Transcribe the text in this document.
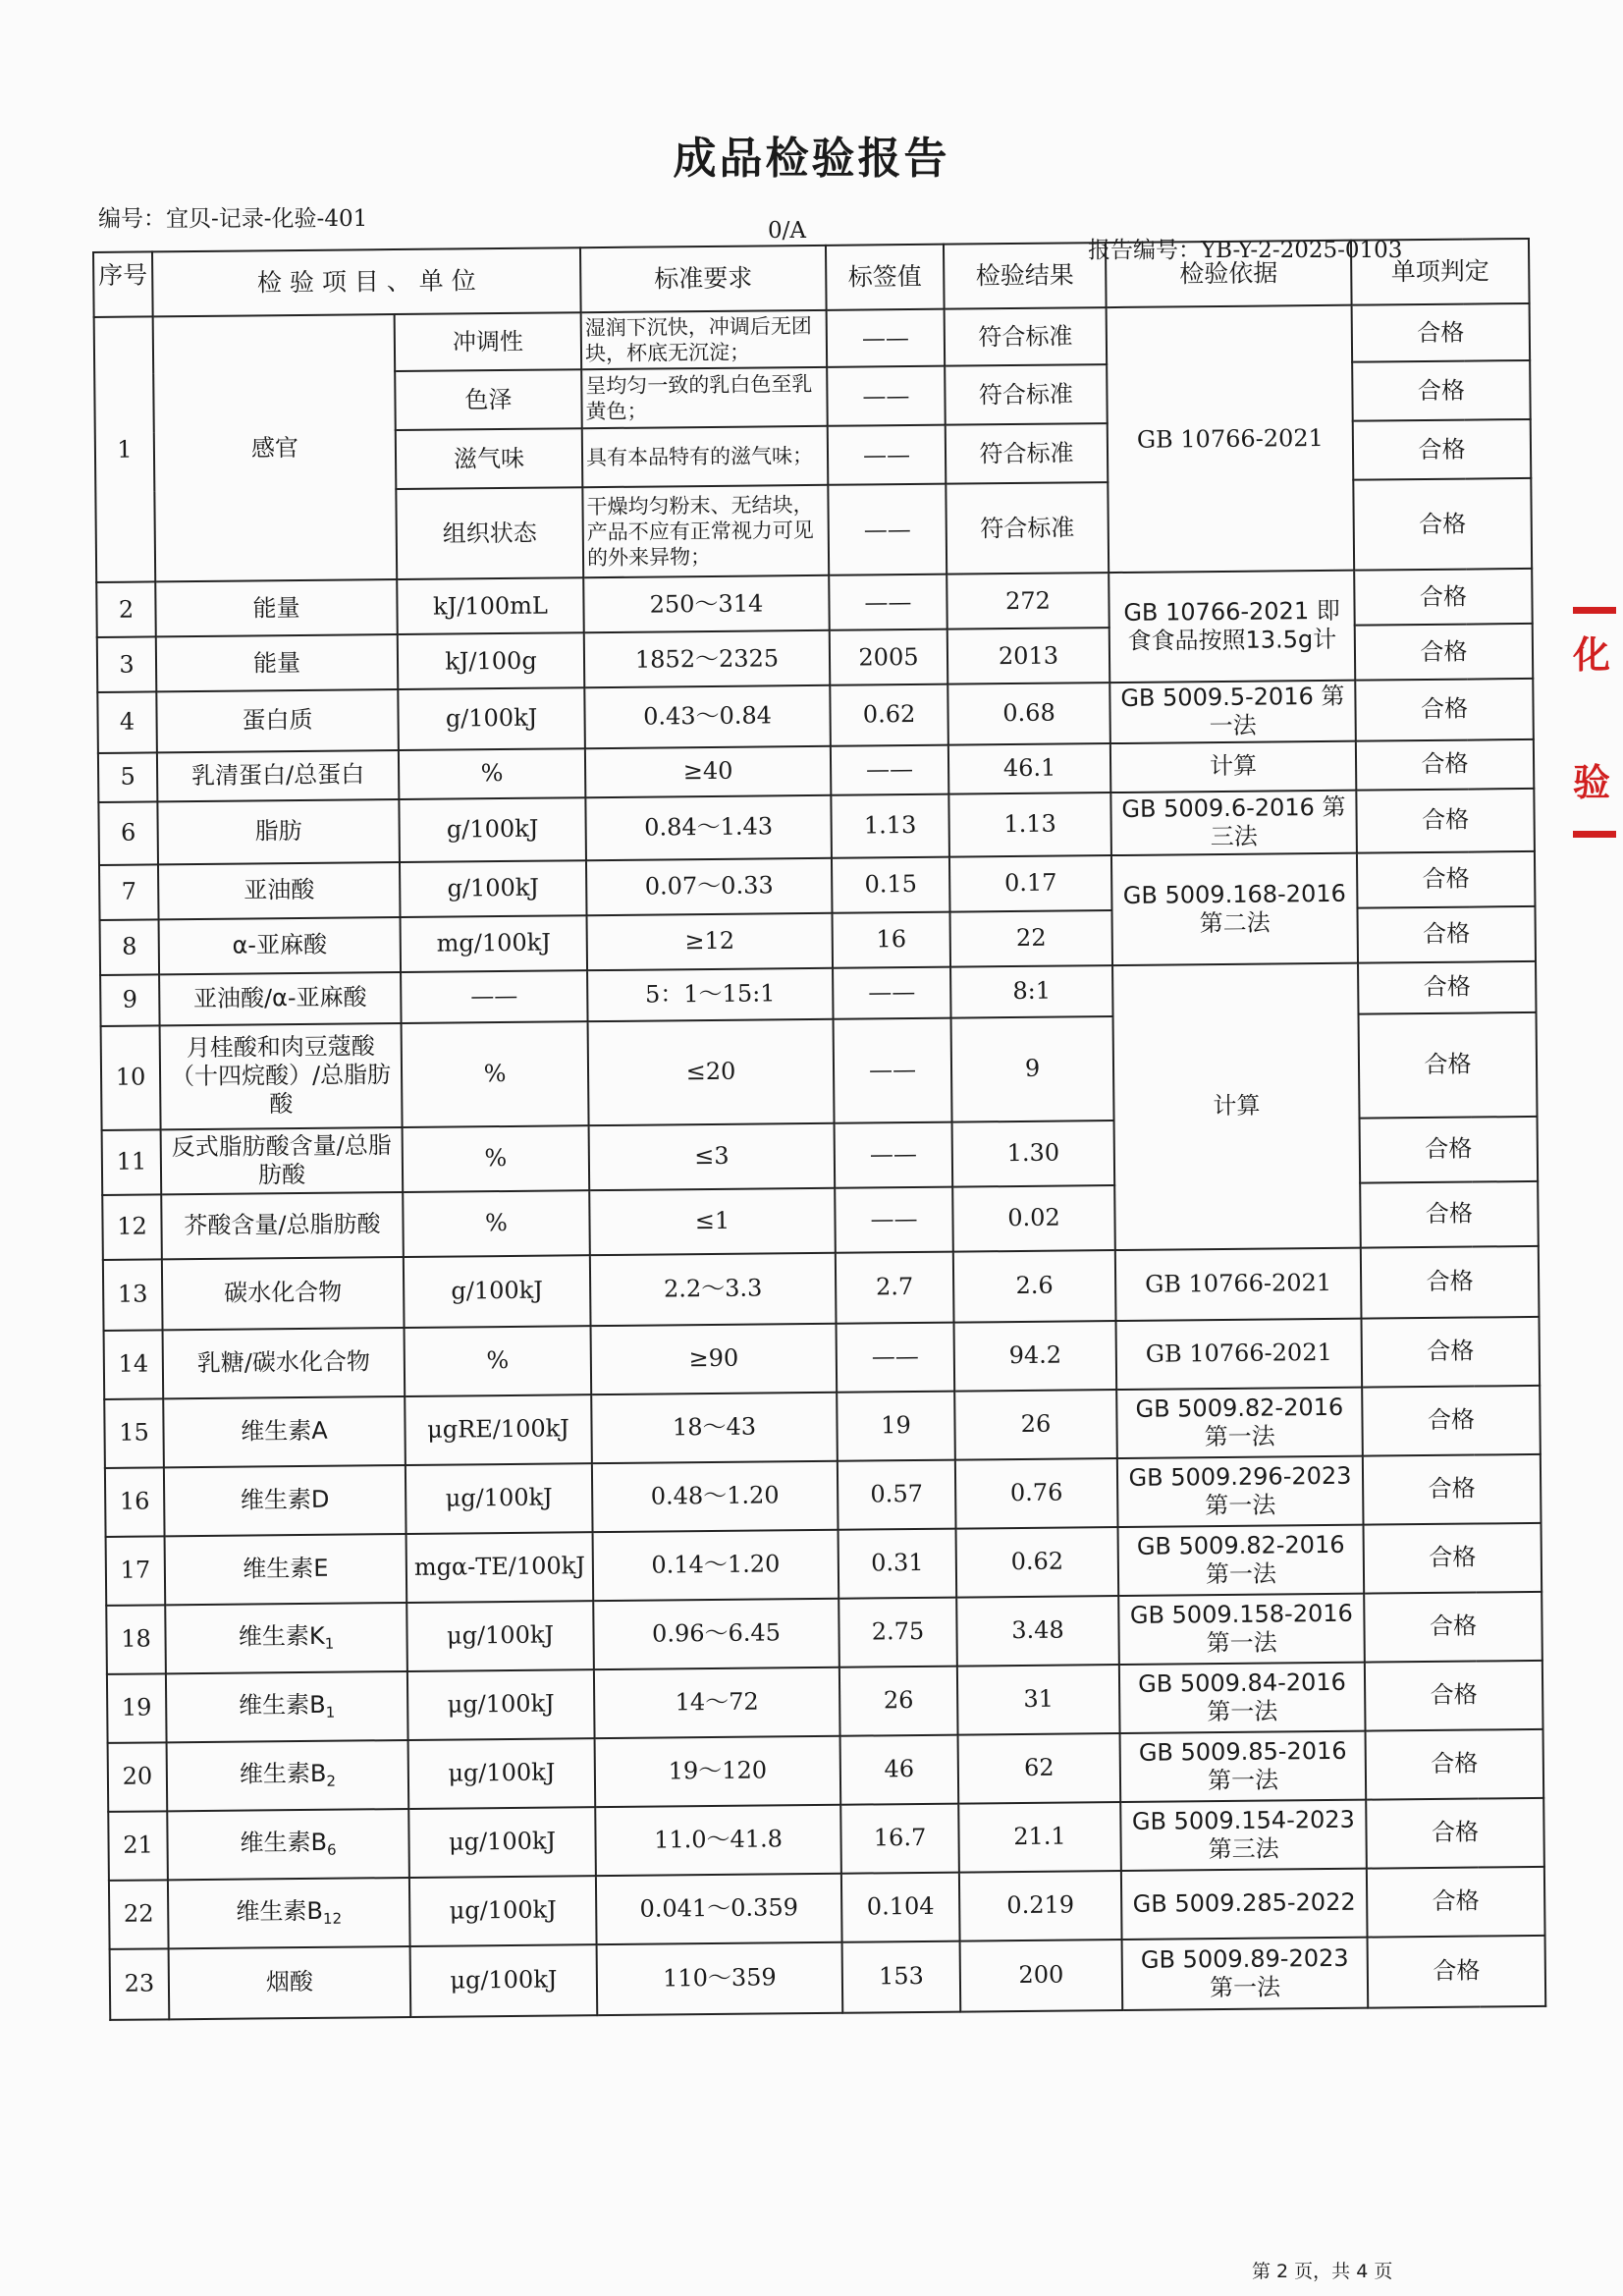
成品检验报告
编号：宜贝-记录-化验-401	0/A
报告编号：YB-Y-2-2025-0103
序号	检 验 项 目 、 单 位		标准要求	标签值	检验结果	检验依据	单项判定
1	感官	冲调性	湿润下沉快，冲调后无团块，杯底无沉淀；	——	符合标准	GB 10766-2021	合格
		色泽	呈均匀一致的乳白色至乳黄色；	——	符合标准		合格
		滋气味	具有本品特有的滋气味；	——	符合标准		合格
		组织状态	干燥均匀粉末、无结块，产品不应有正常视力可见的外来异物；	——	符合标准		合格
2	能量	kJ/100mL	250～314	——	272	GB 10766-2021 即食食品按照13.5g计	合格
3	能量	kJ/100g	1852～2325	2005	2013		合格
4	蛋白质	g/100kJ	0.43～0.84	0.62	0.68	GB 5009.5-2016 第一法	合格
5	乳清蛋白/总蛋白	%	≥40	——	46.1	计算	合格
6	脂肪	g/100kJ	0.84～1.43	1.13	1.13	GB 5009.6-2016 第三法	合格
7	亚油酸	g/100kJ	0.07～0.33	0.15	0.17	GB 5009.168-2016 第二法	合格
8	α-亚麻酸	mg/100kJ	≥12	16	22		合格
9	亚油酸/α-亚麻酸	——	5：1～15:1	——	8:1	计算	合格
10	月桂酸和肉豆蔻酸（十四烷酸）/总脂肪酸	%	≤20	——	9		合格
11	反式脂肪酸含量/总脂肪酸	%	≤3	——	1.30		合格
12	芥酸含量/总脂肪酸	%	≤1	——	0.02		合格
13	碳水化合物	g/100kJ	2.2～3.3	2.7	2.6	GB 10766-2021	合格
14	乳糖/碳水化合物	%	≥90	——	94.2	GB 10766-2021	合格
15	维生素A	μgRE/100kJ	18～43	19	26	GB 5009.82-2016 第一法	合格
16	维生素D	μg/100kJ	0.48～1.20	0.57	0.76	GB 5009.296-2023 第一法	合格
17	维生素E	mgα-TE/100kJ	0.14～1.20	0.31	0.62	GB 5009.82-2016 第一法	合格
18	维生素$K_1$	μg/100kJ	0.96～6.45	2.75	3.48	GB 5009.158-2016 第一法	合格
19	维生素$B_1$	μg/100kJ	14～72	26	31	GB 5009.84-2016 第一法	合格
20	维生素$B_2$	μg/100kJ	19～120	46	62	GB 5009.85-2016 第一法	合格
21	维生素$B_6$	μg/100kJ	11.0～41.8	16.7	21.1	GB 5009.154-2023 第三法	合格
22	维生素$B_{12}$	μg/100kJ	0.041～0.359	0.104	0.219	GB 5009.285-2022	合格
23	烟酸	μg/100kJ	110～359	153	200	GB 5009.89-2023 第一法	合格
化
验
第 2 页，共 4 页
